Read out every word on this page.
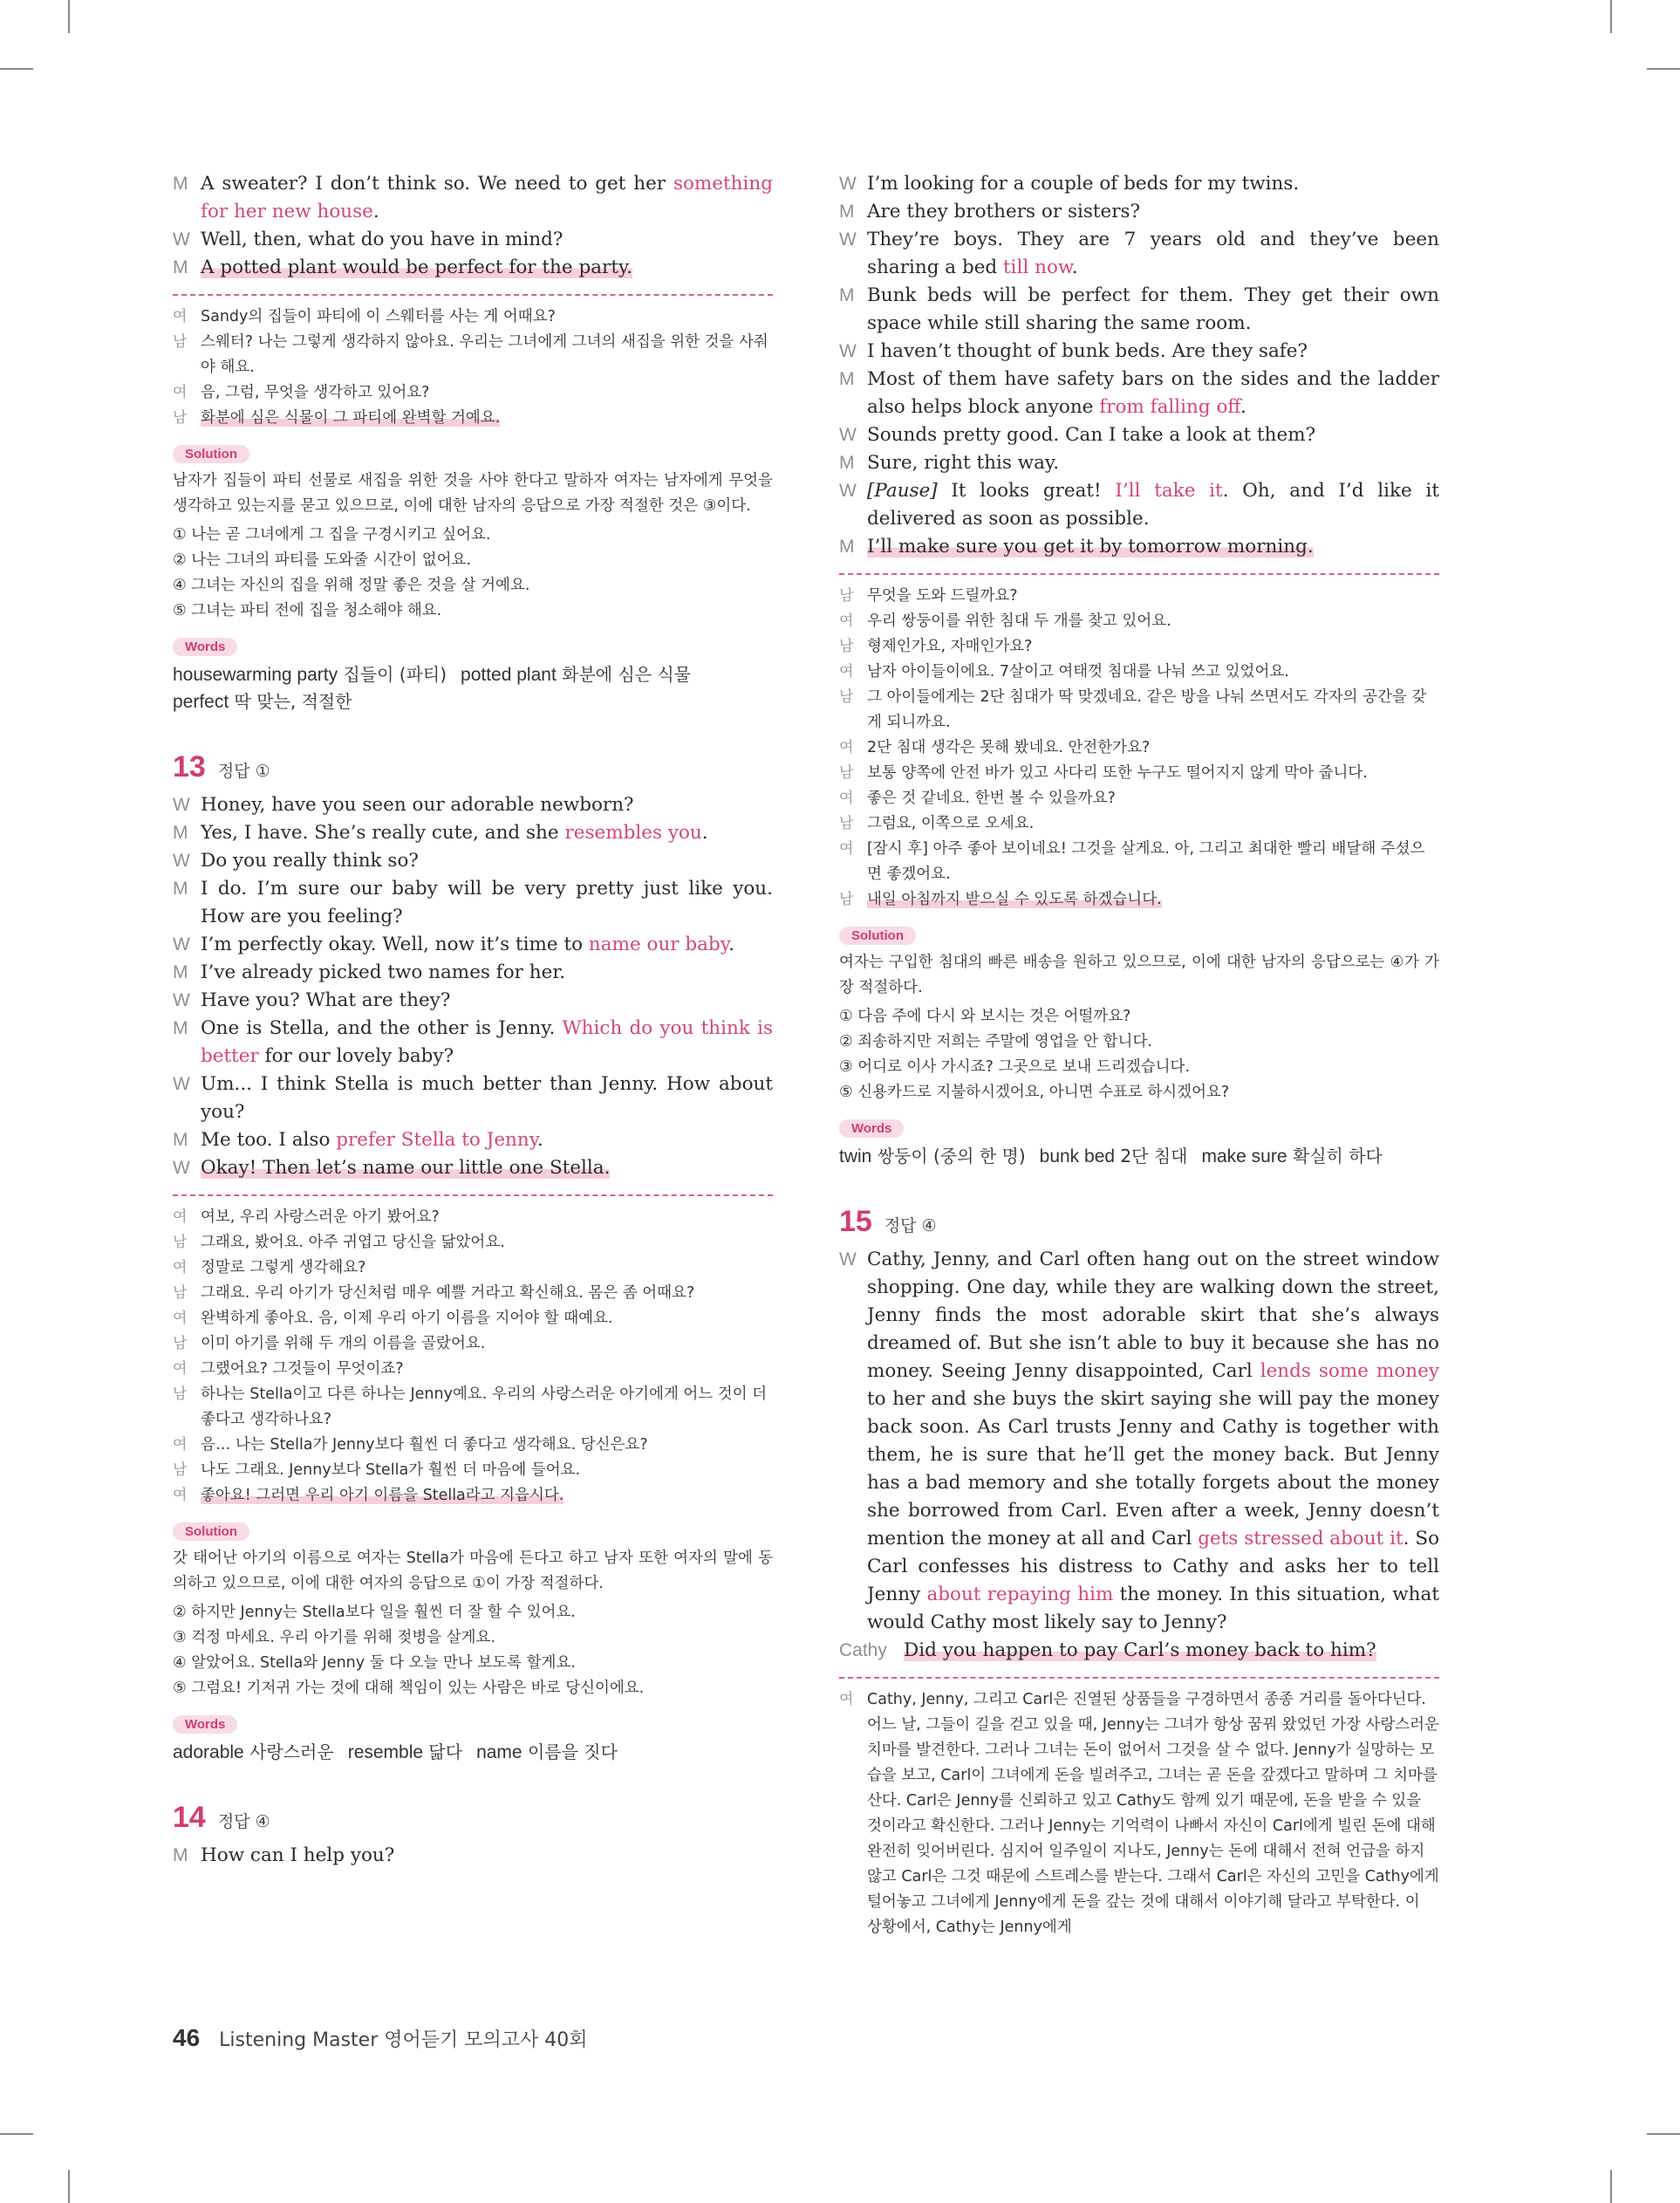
M A sweater? I don’t think so. We need to get her something for her new house.
W Well, then, what do you have in mind?
M A potted plant would be perfect for the party.
여 Sandy의 집들이 파티에 이 스웨터를 사는 게 어때요?
남 스웨터? 나는 그렇게 생각하지 않아요. 우리는 그녀에게 그녀의 새집을 위한 것을 사줘야 해요.
여 음, 그럼, 무엇을 생각하고 있어요?
남 화분에 심은 식물이 그 파티에 완벽할 거예요.
Solution
남자가 집들이 파티 선물로 새집을 위한 것을 사야 한다고 말하자 여자는 남자에게 무엇을 생각하고 있는지를 묻고 있으므로, 이에 대한 남자의 응답으로 가장 적절한 것은 ③이다.
① 나는 곧 그녀에게 그 집을 구경시키고 싶어요.
② 나는 그녀의 파티를 도와줄 시간이 없어요.
④ 그녀는 자신의 집을 위해 정말 좋은 것을 살 거예요.
⑤ 그녀는 파티 전에 집을 청소해야 해요.
Words
housewarming party 집들이 (파티) potted plant 화분에 심은 식물
perfect 딱 맞는, 적절한
13 정답 ①
W Honey, have you seen our adorable newborn?
M Yes, I have. She’s really cute, and she resembles you.
W Do you really think so?
M I do. I’m sure our baby will be very pretty just like you. How are you feeling?
W I’m perfectly okay. Well, now it’s time to name our baby.
M I’ve already picked two names for her.
W Have you? What are they?
M One is Stella, and the other is Jenny. Which do you think is better for our lovely baby?
W Um... I think Stella is much better than Jenny. How about you?
M Me too. I also prefer Stella to Jenny.
W Okay! Then let’s name our little one Stella.
여 여보, 우리 사랑스러운 아기 봤어요?
남 그래요, 봤어요. 아주 귀엽고 당신을 닮았어요.
여 정말로 그렇게 생각해요?
남 그래요. 우리 아기가 당신처럼 매우 예쁠 거라고 확신해요. 몸은 좀 어때요?
여 완벽하게 좋아요. 음, 이제 우리 아기 이름을 지어야 할 때예요.
남 이미 아기를 위해 두 개의 이름을 골랐어요.
여 그랬어요? 그것들이 무엇이죠?
남 하나는 Stella이고 다른 하나는 Jenny예요. 우리의 사랑스러운 아기에게 어느 것이 더 좋다고 생각하나요?
여 음… 나는 Stella가 Jenny보다 훨씬 더 좋다고 생각해요. 당신은요?
남 나도 그래요. Jenny보다 Stella가 훨씬 더 마음에 들어요.
여 좋아요! 그러면 우리 아기 이름을 Stella라고 지읍시다.
Solution
갓 태어난 아기의 이름으로 여자는 Stella가 마음에 든다고 하고 남자 또한 여자의 말에 동의하고 있으므로, 이에 대한 여자의 응답으로 ①이 가장 적절하다.
② 하지만 Jenny는 Stella보다 일을 훨씬 더 잘 할 수 있어요.
③ 걱정 마세요. 우리 아기를 위해 젖병을 살게요.
④ 알았어요. Stella와 Jenny 둘 다 오늘 만나 보도록 할게요.
⑤ 그럼요! 기저귀 가는 것에 대해 책임이 있는 사람은 바로 당신이에요.
Words
adorable 사랑스러운 resemble 닮다 name 이름을 짓다
14 정답 ④
M How can I help you?
W I’m looking for a couple of beds for my twins.
M Are they brothers or sisters?
W They’re boys. They are 7 years old and they’ve been sharing a bed till now.
M Bunk beds will be perfect for them. They get their own space while still sharing the same room.
W I haven’t thought of bunk beds. Are they safe?
M Most of them have safety bars on the sides and the ladder also helps block anyone from falling off.
W Sounds pretty good. Can I take a look at them?
M Sure, right this way.
W [Pause] It looks great! I’ll take it. Oh, and I’d like it delivered as soon as possible.
M I’ll make sure you get it by tomorrow morning.
남 무엇을 도와 드릴까요?
여 우리 쌍둥이를 위한 침대 두 개를 찾고 있어요.
남 형제인가요, 자매인가요?
여 남자 아이들이에요. 7살이고 여태껏 침대를 나눠 쓰고 있었어요.
남 그 아이들에게는 2단 침대가 딱 맞겠네요. 같은 방을 나눠 쓰면서도 각자의 공간을 갖게 되니까요.
여 2단 침대 생각은 못해 봤네요. 안전한가요?
남 보통 양쪽에 안전 바가 있고 사다리 또한 누구도 떨어지지 않게 막아 줍니다.
여 좋은 것 같네요. 한번 볼 수 있을까요?
남 그럼요, 이쪽으로 오세요.
여 [잠시 후] 아주 좋아 보이네요! 그것을 살게요. 아, 그리고 최대한 빨리 배달해 주셨으면 좋겠어요.
남 내일 아침까지 받으실 수 있도록 하겠습니다.
Solution
여자는 구입한 침대의 빠른 배송을 원하고 있으므로, 이에 대한 남자의 응답으로는 ④가 가장 적절하다.
① 다음 주에 다시 와 보시는 것은 어떨까요?
② 죄송하지만 저희는 주말에 영업을 안 합니다.
③ 어디로 이사 가시죠? 그곳으로 보내 드리겠습니다.
⑤ 신용카드로 지불하시겠어요, 아니면 수표로 하시겠어요?
Words
twin 쌍둥이 (중의 한 명) bunk bed 2단 침대 make sure 확실히 하다
15 정답 ④
W Cathy, Jenny, and Carl often hang out on the street window shopping. One day, while they are walking down the street, Jenny finds the most adorable skirt that she’s always dreamed of. But she isn’t able to buy it because she has no money. Seeing Jenny disappointed, Carl lends some money to her and she buys the skirt saying she will pay the money back soon. As Carl trusts Jenny and Cathy is together with them, he is sure that he’ll get the money back. But Jenny has a bad memory and she totally forgets about the money she borrowed from Carl. Even after a week, Jenny doesn’t mention the money at all and Carl gets stressed about it. So Carl confesses his distress to Cathy and asks her to tell Jenny about repaying him the money. In this situation, what would Cathy most likely say to Jenny?
Cathy Did you happen to pay Carl’s money back to him?
여 Cathy, Jenny, 그리고 Carl은 진열된 상품들을 구경하면서 종종 거리를 돌아다닌다. 어느 날, 그들이 길을 걷고 있을 때, Jenny는 그녀가 항상 꿈꿔 왔었던 가장 사랑스러운 치마를 발견한다. 그러나 그녀는 돈이 없어서 그것을 살 수 없다. Jenny가 실망하는 모습을 보고, Carl이 그녀에게 돈을 빌려주고, 그녀는 곧 돈을 갚겠다고 말하며 그 치마를 산다. Carl은 Jenny를 신뢰하고 있고 Cathy도 함께 있기 때문에, 돈을 받을 수 있을 것이라고 확신한다. 그러나 Jenny는 기억력이 나빠서 자신이 Carl에게 빌린 돈에 대해 완전히 잊어버린다. 심지어 일주일이 지나도, Jenny는 돈에 대해서 전혀 언급을 하지 않고 Carl은 그것 때문에 스트레스를 받는다. 그래서 Carl은 자신의 고민을 Cathy에게 털어놓고 그녀에게 Jenny에게 돈을 갚는 것에 대해서 이야기해 달라고 부탁한다. 이 상황에서, Cathy는 Jenny에게
46 Listening Master 영어듣기 모의고사 40회
